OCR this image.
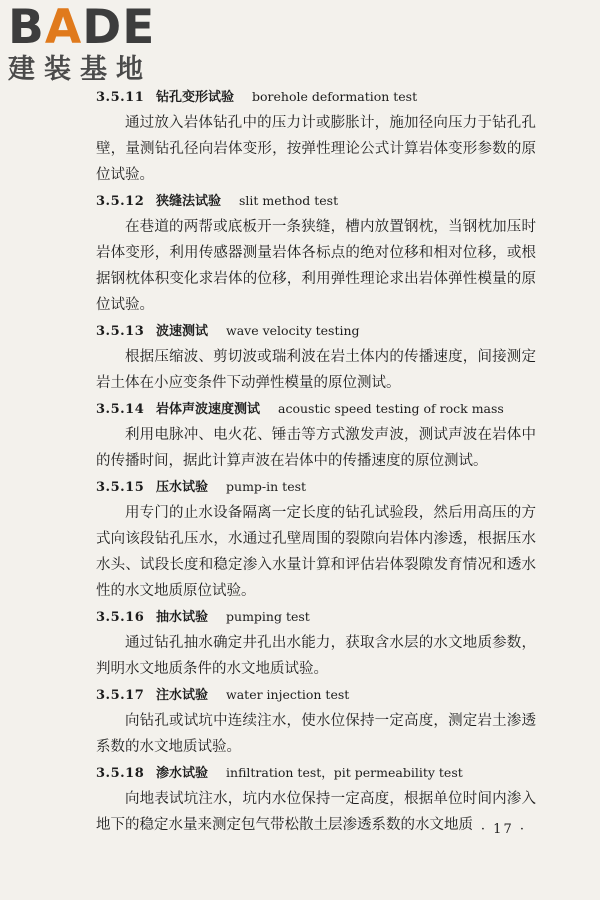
BADE
建装基地
3.5.11 钻孔变形试验 borehole deformation test

通过放入岩体钻孔中的压力计或膨胀计，施加径向压力于钻孔孔壁，量测钻孔径向岩体变形，按弹性理论公式计算岩体变形参数的原位试验。

3.5.12 狭缝法试验 slit method test

在巷道的两帮或底板开一条狭缝，槽内放置钢枕，当钢枕加压时岩体变形，利用传感器测量岩体各标点的绝对位移和相对位移，或根据钢枕体积变化求岩体的位移，利用弹性理论求出岩体弹性模量的原位试验。

3.5.13 波速测试 wave velocity testing

根据压缩波、剪切波或瑞利波在岩土体内的传播速度，间接测定岩土体在小应变条件下动弹性模量的原位测试。

3.5.14 岩体声波速度测试 acoustic speed testing of rock mass

利用电脉冲、电火花、锤击等方式激发声波，测试声波在岩体中的传播时间，据此计算声波在岩体中的传播速度的原位测试。

3.5.15 压水试验 pump-in test

用专门的止水设备隔离一定长度的钻孔试验段，然后用高压的方式向该段钻孔压水，水通过孔壁周围的裂隙向岩体内渗透，根据压水水头、试段长度和稳定渗入水量计算和评估岩体裂隙发育情况和透水性的水文地质原位试验。

3.5.16 抽水试验 pumping test

通过钻孔抽水确定井孔出水能力，获取含水层的水文地质参数，判明水文地质条件的水文地质试验。

3.5.17 注水试验 water injection test

向钻孔或试坑中连续注水，使水位保持一定高度，测定岩土渗透系数的水文地质试验。

3.5.18 渗水试验 infiltration test，pit permeability test

向地表试坑注水，坑内水位保持一定高度，根据单位时间内渗入地下的稳定水量来测定包气带松散土层渗透系数的水文地质 · 17 ·
